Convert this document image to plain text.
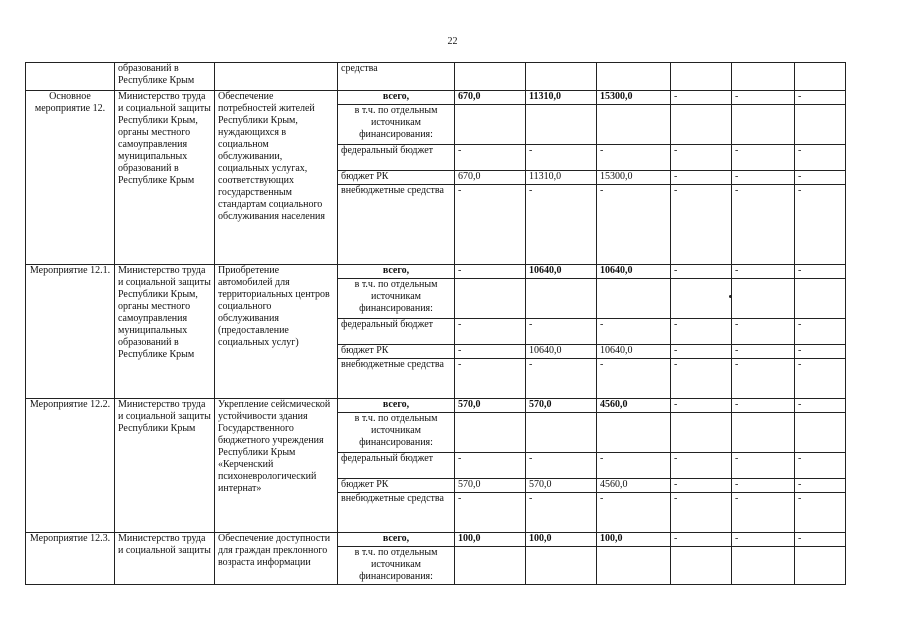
22
	образований в Республике Крым		средства						
Основное мероприятие 12.	Министерство труда и социальной защиты Республики Крым, органы местного самоуправления муниципальных образований в Республике Крым	Обеспечение потребностей жителей Республики Крым, нуждающихся в социальном обслуживании, социальных услугах, соответствующих государственным стандартам социального обслуживания населения	всего,	670,0	11310,0	15300,0	-	-	-
			в т.ч. по отдельным источникам финансирования:						
			федеральный бюджет	-	-	-	-	-	-
			бюджет РК	670,0	11310,0	15300,0	-	-	-
			внебюджетные средства	-	-	-	-	-	-
Мероприятие 12.1.	Министерство труда и социальной защиты Республики Крым, органы местного самоуправления муниципальных образований в Республике Крым	Приобретение автомобилей для территориальных центров социального обслуживания (предоставление социальных услуг)	всего,	-	10640,0	10640,0	-	-	-
			в т.ч. по отдельным источникам финансирования:						
			федеральный бюджет	-	-	-	-	-	-
			бюджет РК	-	10640,0	10640,0	-	-	-
			внебюджетные средства	-	-	-	-	-	-
Мероприятие 12.2.	Министерство труда и социальной защиты Республики Крым	Укрепление сейсмической устойчивости здания Государственного бюджетного учреждения Республики Крым «Керченский психоневрологический интернат»	всего,	570,0	570,0	4560,0	-	-	-
			в т.ч. по отдельным источникам финансирования:						
			федеральный бюджет	-	-	-	-	-	-
			бюджет РК	570,0	570,0	4560,0	-	-	-
			внебюджетные средства	-	-	-	-	-	-
Мероприятие 12.3.	Министерство труда и социальной защиты	Обеспечение доступности для граждан преклонного возраста информации	всего,	100,0	100,0	100,0	-	-	-
			в т.ч. по отдельным источникам финансирования:						
